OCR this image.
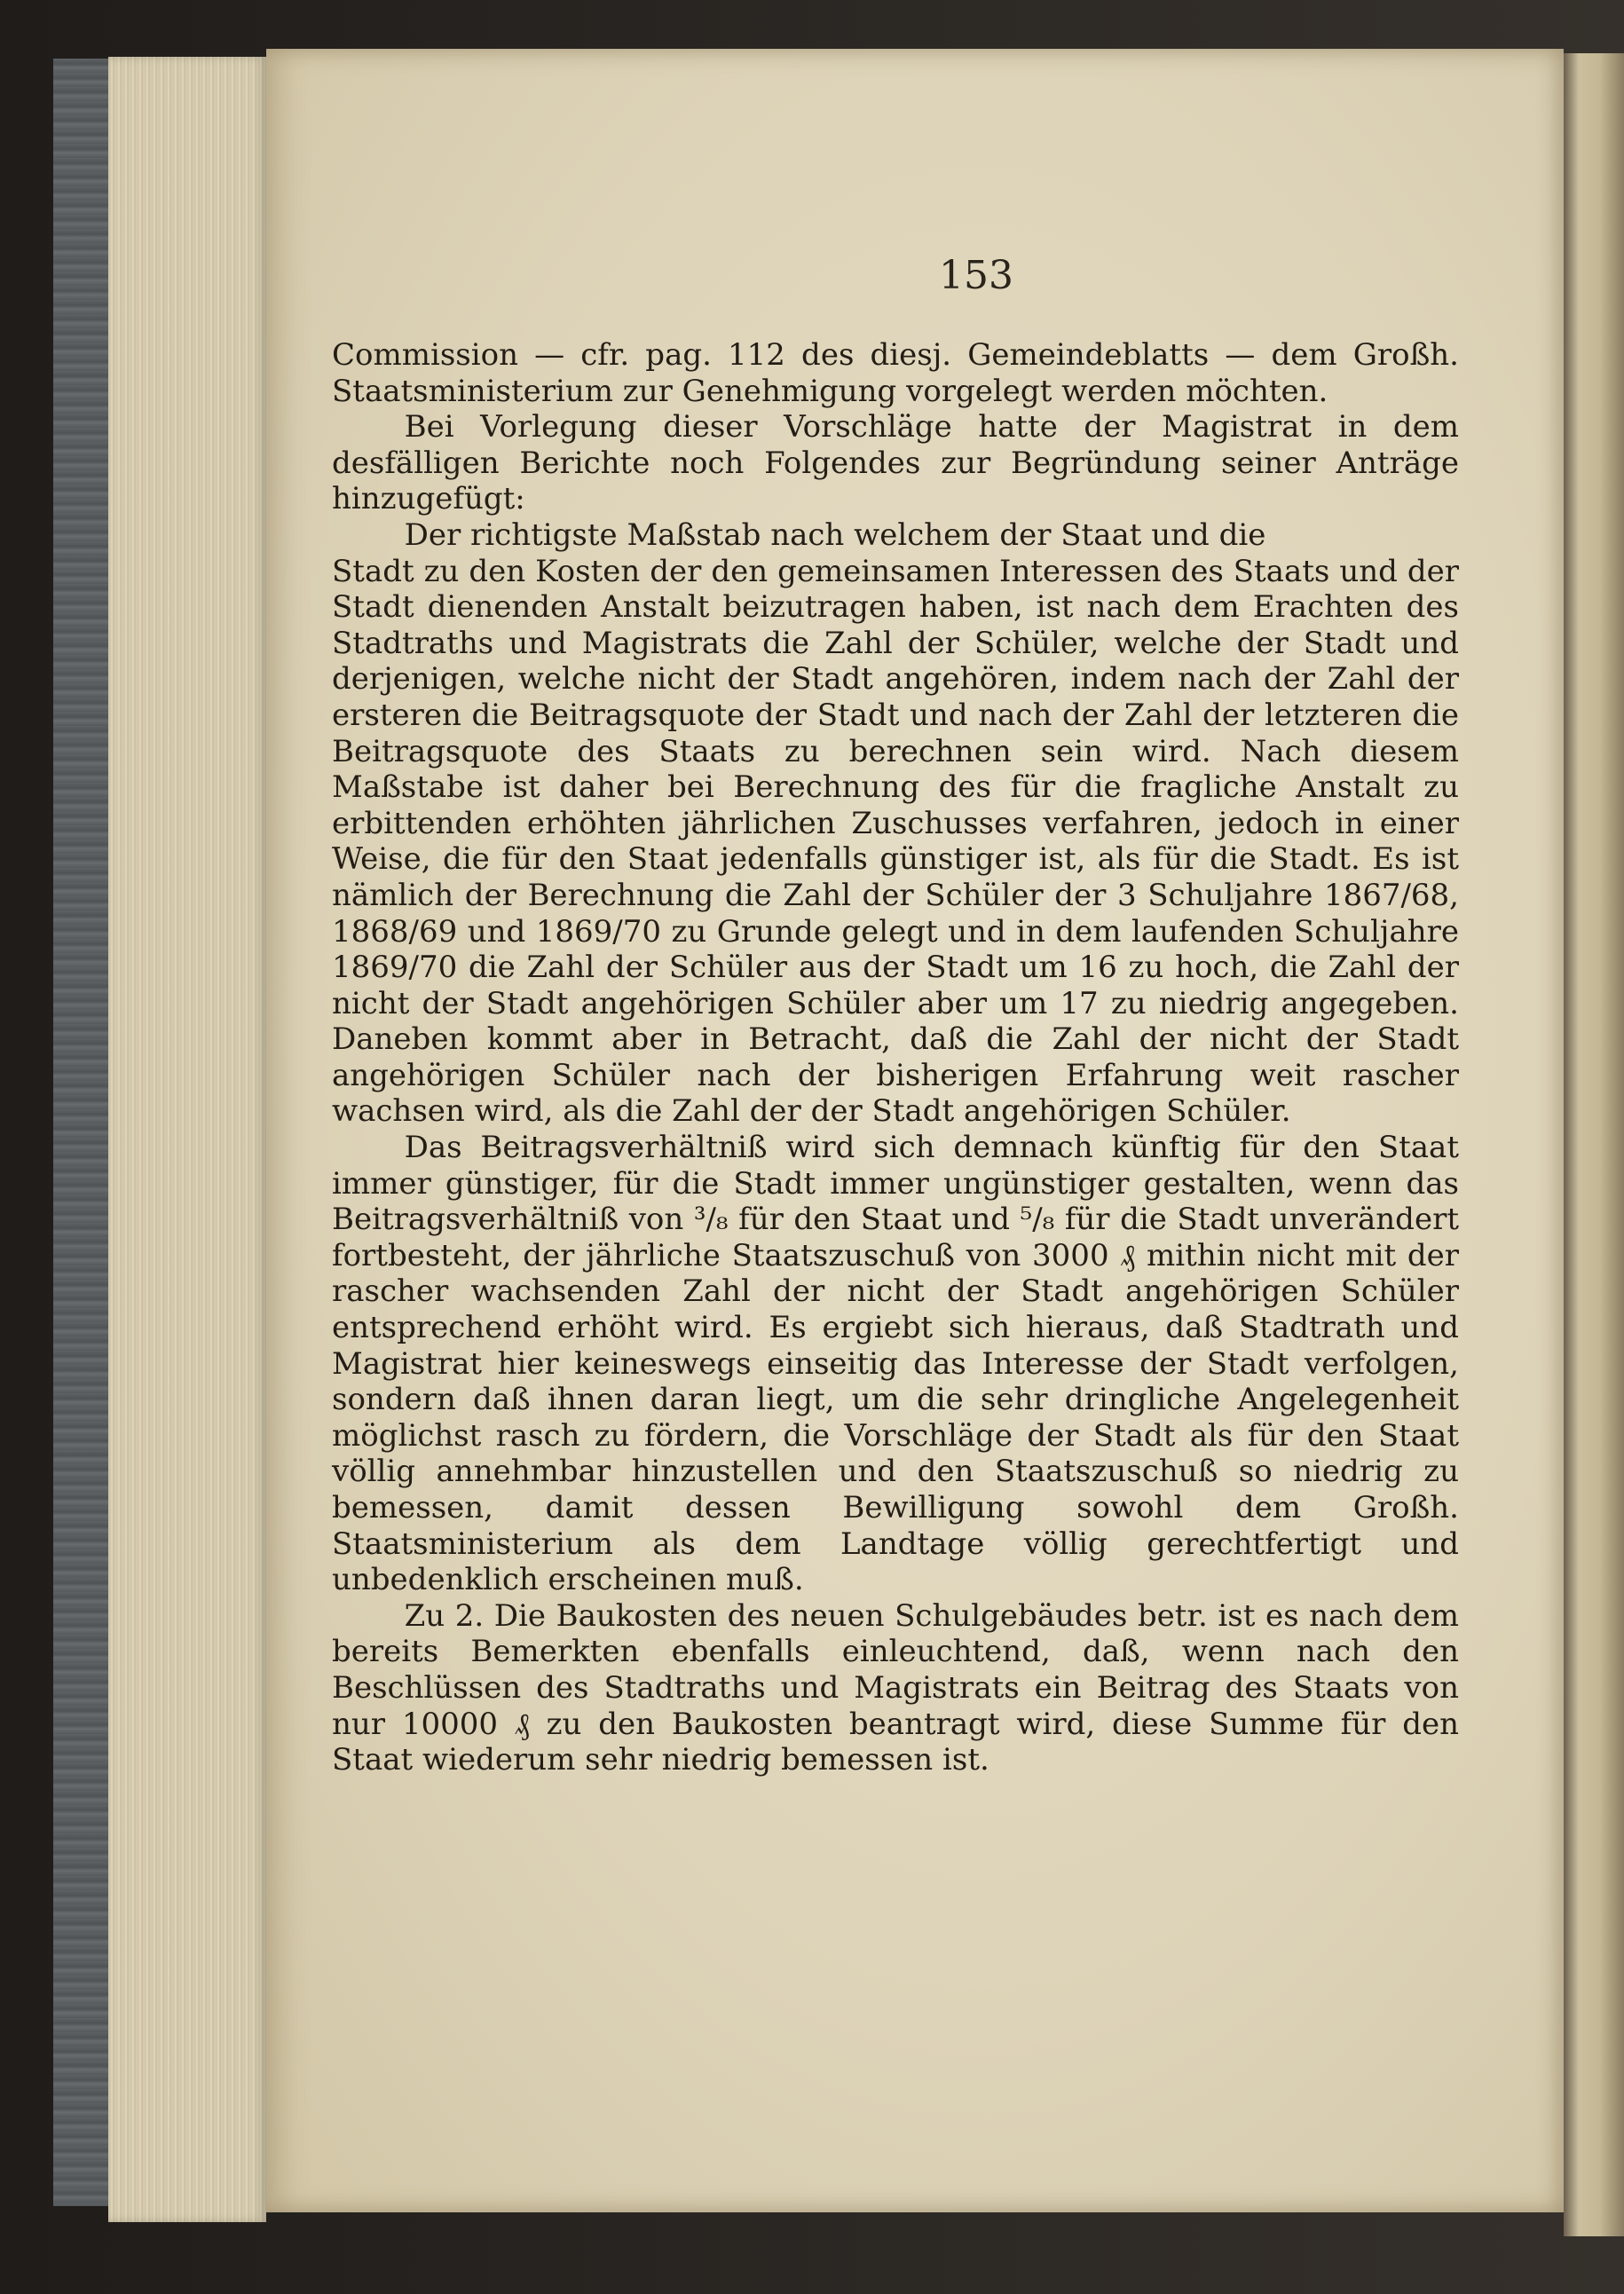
153

Commission — cfr. pag. 112 des diesj. Gemeindeblatts — dem Großh. Staatsministerium zur Genehmigung vorgelegt werden möchten.

Bei Vorlegung dieser Vorschläge hatte der Magistrat in dem desfälligen Berichte noch Folgendes zur Begründung seiner Anträge hinzugefügt:

Der richtigste Maßstab nach welchem der Staat und die

Stadt zu den Kosten der den gemeinsamen Interessen des Staats und der Stadt dienenden Anstalt beizutragen haben, ist nach dem Erachten des Stadtraths und Magistrats die Zahl der Schüler, welche der Stadt und derjenigen, welche nicht der Stadt angehören, indem nach der Zahl der ersteren die Beitragsquote der Stadt und nach der Zahl der letzteren die Beitragsquote des Staats zu berechnen sein wird. Nach diesem Maßstabe ist daher bei Berechnung des für die fragliche Anstalt zu erbittenden erhöhten jährlichen Zuschusses verfahren, jedoch in einer Weise, die für den Staat jedenfalls günstiger ist, als für die Stadt. Es ist nämlich der Berechnung die Zahl der Schüler der 3 Schuljahre 1867/68, 1868/69 und 1869/70 zu Grunde gelegt und in dem laufenden Schuljahre 1869/70 die Zahl der Schüler aus der Stadt um 16 zu hoch, die Zahl der nicht der Stadt angehörigen Schüler aber um 17 zu niedrig angegeben. Daneben kommt aber in Betracht, daß die Zahl der nicht der Stadt angehörigen Schüler nach der bisherigen Erfahrung weit rascher wachsen wird, als die Zahl der der Stadt angehörigen Schüler.

Das Beitragsverhältniß wird sich demnach künftig für den Staat immer günstiger, für die Stadt immer ungünstiger gestalten, wenn das Beitragsverhältniß von ³/₈ für den Staat und ⁵/₈ für die Stadt unverändert fortbesteht, der jährliche Staatszuschuß von 3000 ₰ mithin nicht mit der rascher wachsenden Zahl der nicht der Stadt angehörigen Schüler entsprechend erhöht wird. Es ergiebt sich hieraus, daß Stadtrath und Magistrat hier keineswegs einseitig das Interesse der Stadt verfolgen, sondern daß ihnen daran liegt, um die sehr dringliche Angelegenheit möglichst rasch zu fördern, die Vorschläge der Stadt als für den Staat völlig annehmbar hinzustellen und den Staatszuschuß so niedrig zu bemessen, damit dessen Bewilligung sowohl dem Großh. Staatsministerium als dem Landtage völlig gerechtfertigt und unbedenklich erscheinen muß.

Zu 2. Die Baukosten des neuen Schulgebäudes betr. ist es nach dem bereits Bemerkten ebenfalls einleuchtend, daß, wenn nach den Beschlüssen des Stadtraths und Magistrats ein Beitrag des Staats von nur 10000 ₰ zu den Baukosten beantragt wird, diese Summe für den Staat wiederum sehr niedrig bemessen ist.
